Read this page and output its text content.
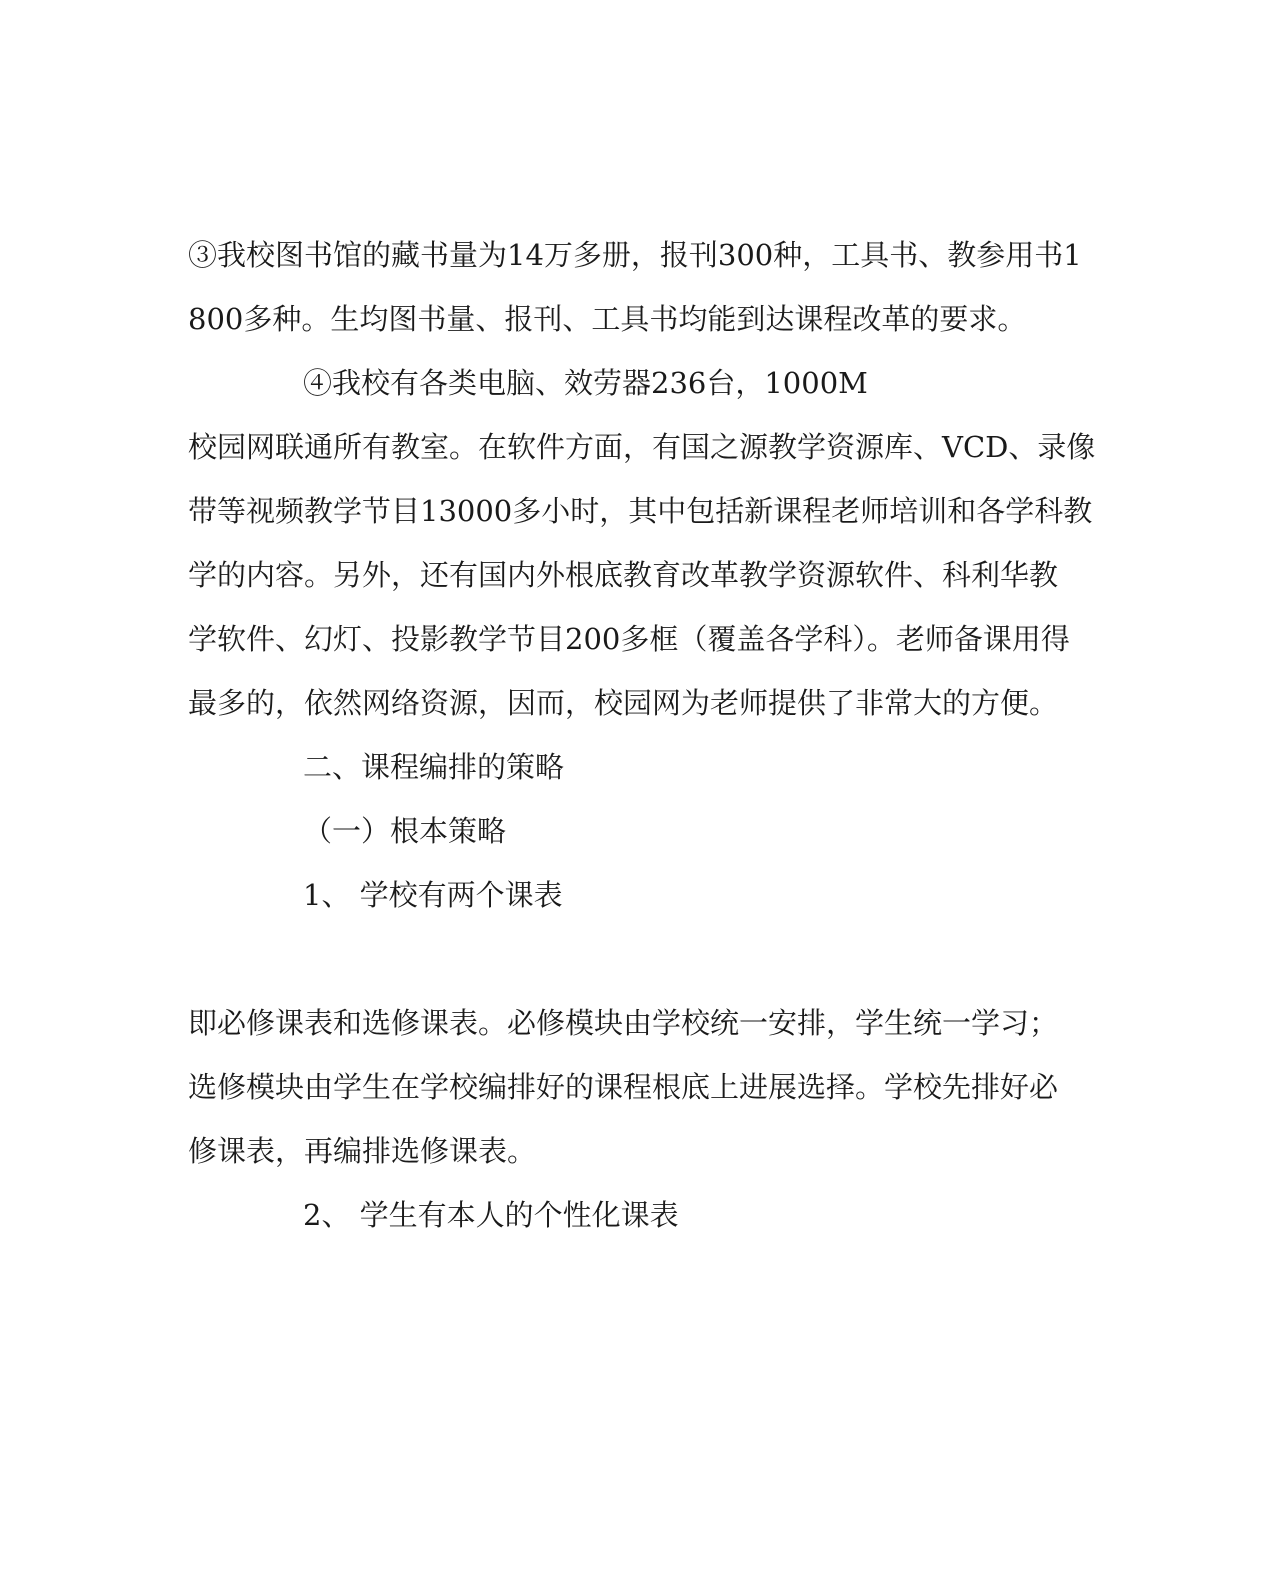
③我校图书馆的藏书量为14万多册，报刊300种，工具书、教参用书1

800多种。生均图书量、报刊、工具书均能到达课程改革的要求。

④我校有各类电脑、效劳器236台，1000M

校园网联通所有教室。在软件方面，有国之源教学资源库、VCD、录像

带等视频教学节目13000多小时，其中包括新课程老师培训和各学科教

学的内容。另外，还有国内外根底教育改革教学资源软件、科利华教

学软件、幻灯、投影教学节目200多框（覆盖各学科）。老师备课用得

最多的，依然网络资源，因而，校园网为老师提供了非常大的方便。

二、课程编排的策略

（一）根本策略

1、 学校有两个课表

即必修课表和选修课表。必修模块由学校统一安排，学生统一学习；

选修模块由学生在学校编排好的课程根底上进展选择。学校先排好必

修课表，再编排选修课表。

2、 学生有本人的个性化课表
